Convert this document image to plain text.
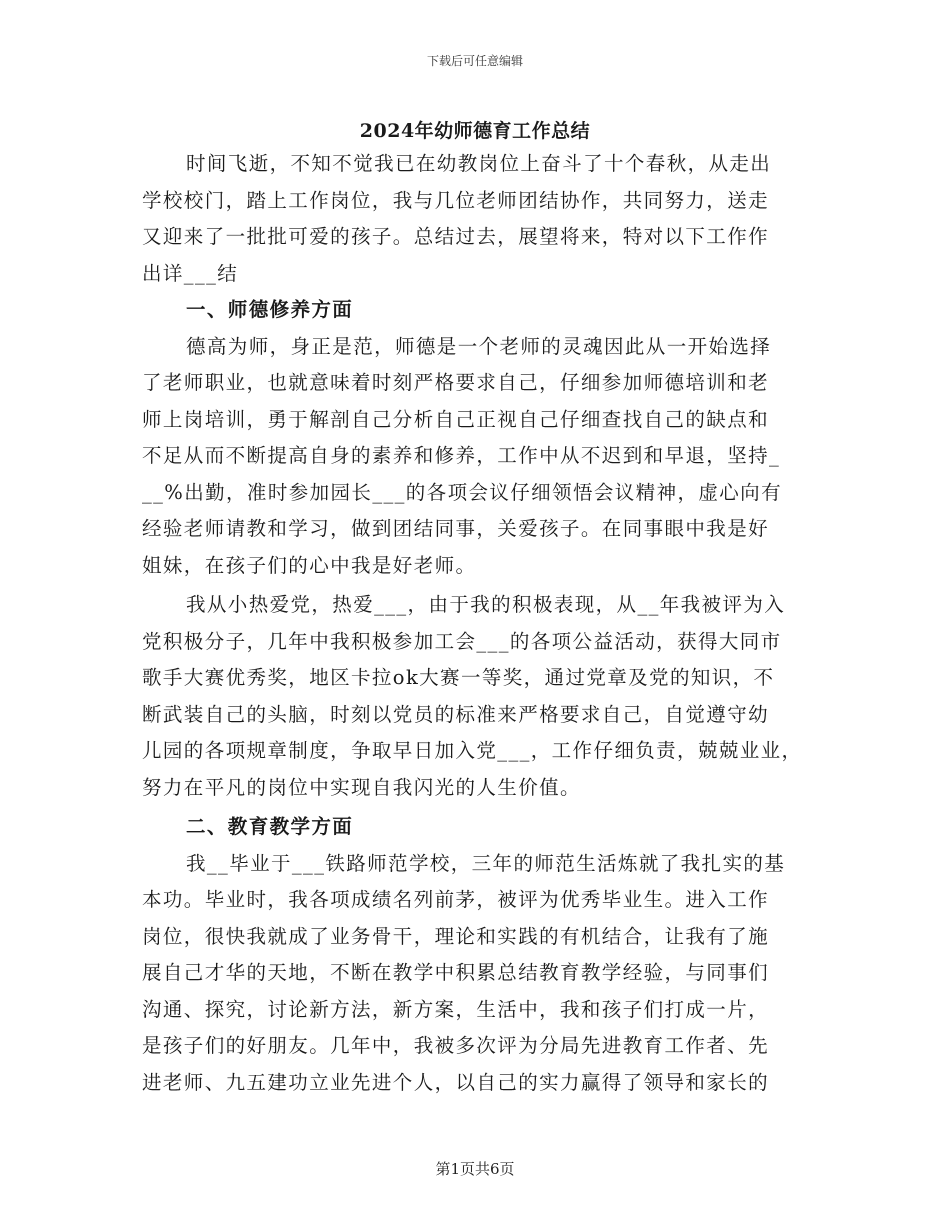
下载后可任意编辑
2024年幼师德育工作总结
时间飞逝，不知不觉我已在幼教岗位上奋斗了十个春秋，从走出
学校校门，踏上工作岗位，我与几位老师团结协作，共同努力，送走
又迎来了一批批可爱的孩子。总结过去，展望将来，特对以下工作作
出详___结
一、师德修养方面
德高为师，身正是范，师德是一个老师的灵魂因此从一开始选择
了老师职业，也就意味着时刻严格要求自己，仔细参加师德培训和老
师上岗培训，勇于解剖自己分析自己正视自己仔细查找自己的缺点和
不足从而不断提高自身的素养和修养，工作中从不迟到和早退，坚持_
__%出勤，准时参加园长___的各项会议仔细领悟会议精神，虚心向有
经验老师请教和学习，做到团结同事，关爱孩子。在同事眼中我是好
姐妹，在孩子们的心中我是好老师。
我从小热爱党，热爱___，由于我的积极表现，从__年我被评为入
党积极分子，几年中我积极参加工会___的各项公益活动，获得大同市
歌手大赛优秀奖，地区卡拉ok大赛一等奖，通过党章及党的知识，不
断武装自己的头脑，时刻以党员的标准来严格要求自己，自觉遵守幼
儿园的各项规章制度，争取早日加入党___，工作仔细负责，兢兢业业，
努力在平凡的岗位中实现自我闪光的人生价值。
二、教育教学方面
我__毕业于___铁路师范学校，三年的师范生活炼就了我扎实的基
本功。毕业时，我各项成绩名列前茅，被评为优秀毕业生。进入工作
岗位，很快我就成了业务骨干，理论和实践的有机结合，让我有了施
展自己才华的天地，不断在教学中积累总结教育教学经验，与同事们
沟通、探究，讨论新方法，新方案，生活中，我和孩子们打成一片，
是孩子们的好朋友。几年中，我被多次评为分局先进教育工作者、先
进老师、九五建功立业先进个人，以自己的实力赢得了领导和家长的
第1页共6页
